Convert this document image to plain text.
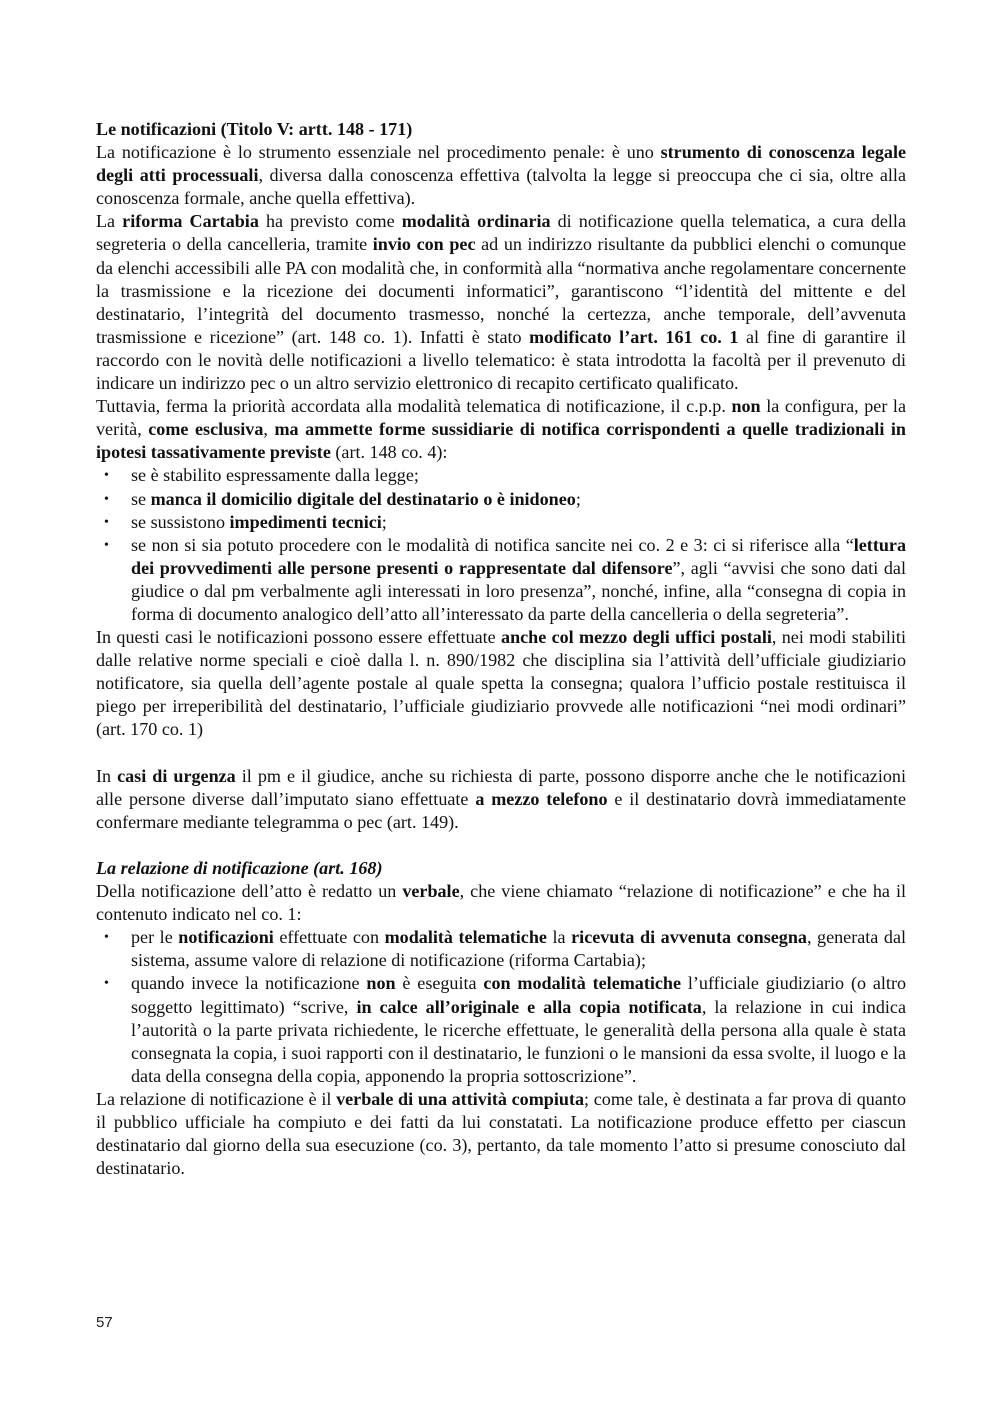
Le notificazioni (Titolo V: artt. 148 - 171)

La notificazione è lo strumento essenziale nel procedimento penale: è uno strumento di conoscenza legale degli atti processuali, diversa dalla conoscenza effettiva (talvolta la legge si preoccupa che ci sia, oltre alla conoscenza formale, anche quella effettiva).

La riforma Cartabia ha previsto come modalità ordinaria di notificazione quella telematica, a cura della segreteria o della cancelleria, tramite invio con pec ad un indirizzo risultante da pubblici elenchi o comunque da elenchi accessibili alle PA con modalità che, in conformità alla “normativa anche regolamentare concernente la trasmissione e la ricezione dei documenti informatici”, garantiscono “l’identità del mittente e del destinatario, l’integrità del documento trasmesso, nonché la certezza, anche temporale, dell’avvenuta trasmissione e ricezione” (art. 148 co. 1). Infatti è stato modificato l’art. 161 co. 1 al fine di garantire il raccordo con le novità delle notificazioni a livello telematico: è stata introdotta la facoltà per il prevenuto di indicare un indirizzo pec o un altro servizio elettronico di recapito certificato qualificato.

Tuttavia, ferma la priorità accordata alla modalità telematica di notificazione, il c.p.p. non la configura, per la verità, come esclusiva, ma ammette forme sussidiarie di notifica corrispondenti a quelle tradizionali in ipotesi tassativamente previste (art. 148 co. 4):

• se è stabilito espressamente dalla legge;
• se manca il domicilio digitale del destinatario o è inidoneo;
• se sussistono impedimenti tecnici;
• se non si sia potuto procedere con le modalità di notifica sancite nei co. 2 e 3: ci si riferisce alla “lettura dei provvedimenti alle persone presenti o rappresentate dal difensore”, agli “avvisi che sono dati dal giudice o dal pm verbalmente agli interessati in loro presenza”, nonché, infine, alla “consegna di copia in forma di documento analogico dell’atto all’interessato da parte della cancelleria o della segreteria”.

In questi casi le notificazioni possono essere effettuate anche col mezzo degli uffici postali, nei modi stabiliti dalle relative norme speciali e cioè dalla l. n. 890/1982 che disciplina sia l’attività dell’ufficiale giudiziario notificatore, sia quella dell’agente postale al quale spetta la consegna; qualora l’ufficio postale restituisca il piego per irreperibilità del destinatario, l’ufficiale giudiziario provvede alle notificazioni “nei modi ordinari” (art. 170 co. 1)

In casi di urgenza il pm e il giudice, anche su richiesta di parte, possono disporre anche che le notificazioni alle persone diverse dall’imputato siano effettuate a mezzo telefono e il destinatario dovrà immediatamente confermare mediante telegramma o pec (art. 149).

La relazione di notificazione (art. 168)

Della notificazione dell’atto è redatto un verbale, che viene chiamato “relazione di notificazione” e che ha il contenuto indicato nel co. 1:

• per le notificazioni effettuate con modalità telematiche la ricevuta di avvenuta consegna, generata dal sistema, assume valore di relazione di notificazione (riforma Cartabia);
• quando invece la notificazione non è eseguita con modalità telematiche l’ufficiale giudiziario (o altro soggetto legittimato) “scrive, in calce all’originale e alla copia notificata, la relazione in cui indica l’autorità o la parte privata richiedente, le ricerche effettuate, le generalità della persona alla quale è stata consegnata la copia, i suoi rapporti con il destinatario, le funzioni o le mansioni da essa svolte, il luogo e la data della consegna della copia, apponendo la propria sottoscrizione”.

La relazione di notificazione è il verbale di una attività compiuta; come tale, è destinata a far prova di quanto il pubblico ufficiale ha compiuto e dei fatti da lui constatati. La notificazione produce effetto per ciascun destinatario dal giorno della sua esecuzione (co. 3), pertanto, da tale momento l’atto si presume conosciuto dal destinatario.

57
